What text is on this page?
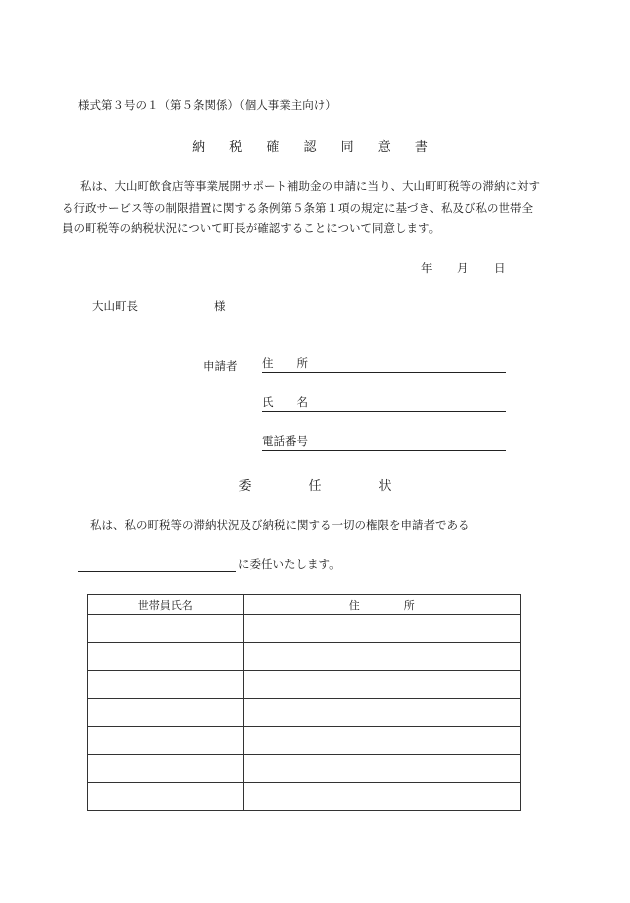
様式第３号の１（第５条関係）（個人事業主向け）
納 税 確 認 同 意 書
私は、大山町飲食店等事業展開サポート補助金の申請に当り、大山町町税等の滞納に対す
る行政サービス等の制限措置に関する条例第５条第１項の規定に基づき、私及び私の世帯全
員の町税等の納税状況について町長が確認することについて同意します。
年 月 日
大山町長	様
申請者 住　　所
氏　　名
電話番号
委　任　状
私は、私の町税等の滞納状況及び納税に関する一切の権限を申請者である
に委任いたします。
世帯員氏名	住　　　　所
